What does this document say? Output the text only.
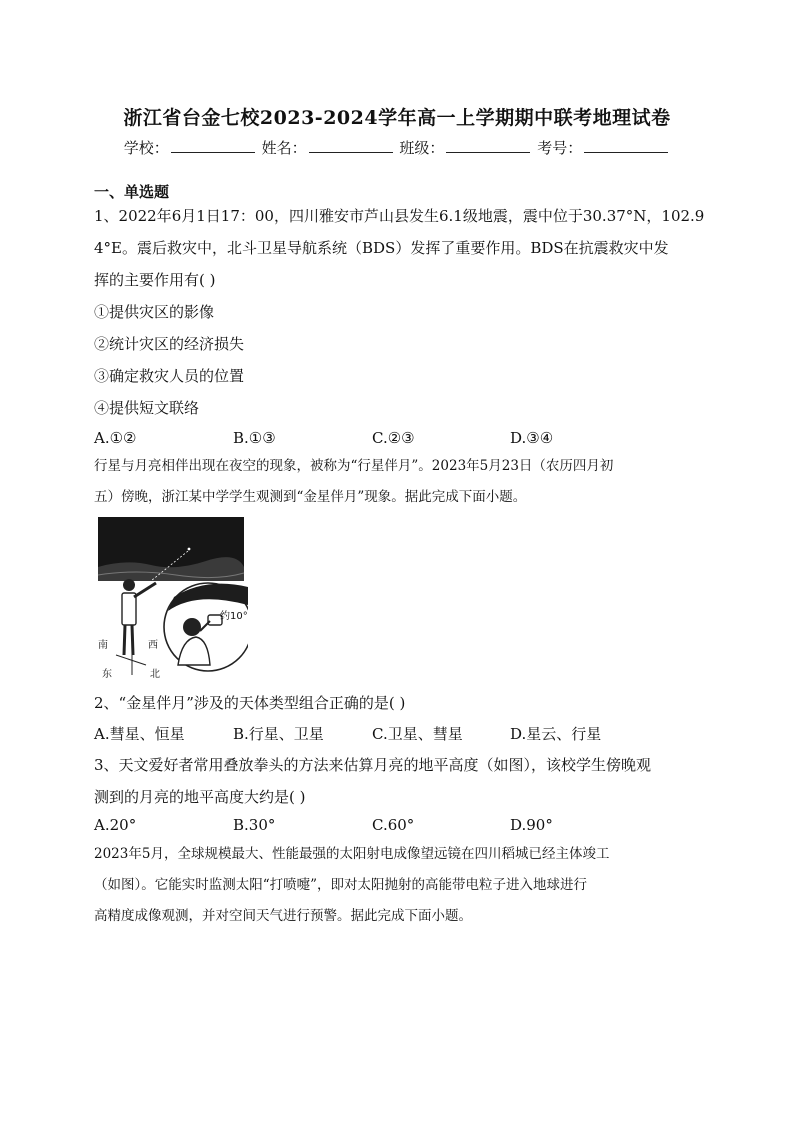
浙江省台金七校2023-2024学年高一上学期期中联考地理试卷
学校：	姓名：	班级：	考号：
一、单选题
1、2022年6月1日17：00，四川雅安市芦山县发生6.1级地震，震中位于30.37°N，102.9
4°E。震后救灾中，北斗卫星导航系统（BDS）发挥了重要作用。BDS在抗震救灾中发
挥的主要作用有( )
①提供灾区的影像
②统计灾区的经济损失
③确定救灾人员的位置
④提供短文联络
A.①②	B.①③	C.②③	D.③④
行星与月亮相伴出现在夜空的现象，被称为“行星伴月”。2023年5月23日（农历四月初
五）傍晚，浙江某中学学生观测到“金星伴月”现象。据此完成下面小题。
约10°
南	西
东	北
2、“金星伴月”涉及的天体类型组合正确的是( )
A.彗星、恒星	B.行星、卫星	C.卫星、彗星	D.星云、行星
3、天文爱好者常用叠放拳头的方法来估算月亮的地平高度（如图），该校学生傍晚观
测到的月亮的地平高度大约是( )
A.20°	B.30°	C.60°	D.90°
2023年5月，全球规模最大、性能最强的太阳射电成像望远镜在四川稻城已经主体竣工
（如图）。它能实时监测太阳“打喷嚏”，即对太阳抛射的高能带电粒子进入地球进行
高精度成像观测，并对空间天气进行预警。据此完成下面小题。
